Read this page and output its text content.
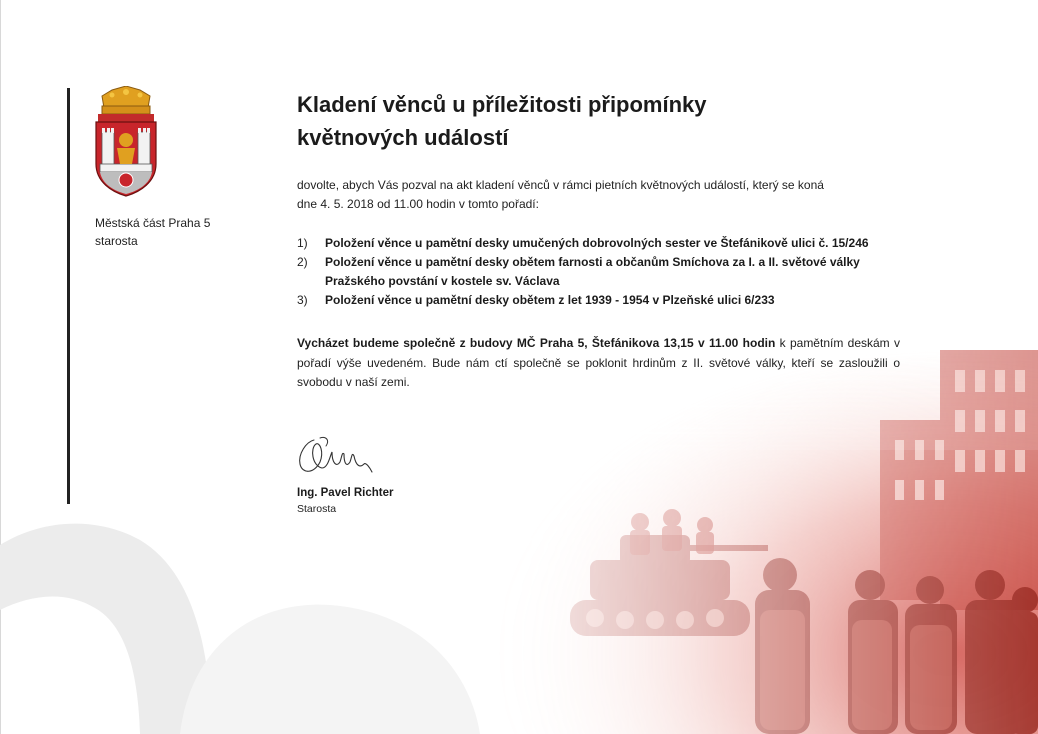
Městská část Praha 5
starosta
Kladení věnců u příležitosti připomínky
květnových událostí
dovolte, abych Vás pozval na akt kladení věnců v rámci pietních květnových událostí, který se koná
dne 4. 5. 2018 od 11.00 hodin v tomto pořadí:
1) Položení věnce u pamětní desky umučených dobrovolných sester ve Štefánikově ulici č. 15/246
2) Položení věnce u pamětní desky obětem farnosti a občanům Smíchova za I. a II. světové války
Pražského povstání v kostele sv. Václava
3) Položení věnce u pamětní desky obětem z let 1939 - 1954 v Plzeňské ulici 6/233

Vycházet budeme společně z budovy MČ Praha 5, Štefánikova 13,15 v 11.00 hodin k pamětním deskám v pořadí výše uvedeném. Bude nám ctí společně se poklonit hrdinům z II. světové války, kteří se zasloužili o svobodu v naší zemi.

Ing. Pavel Richter
Starosta
